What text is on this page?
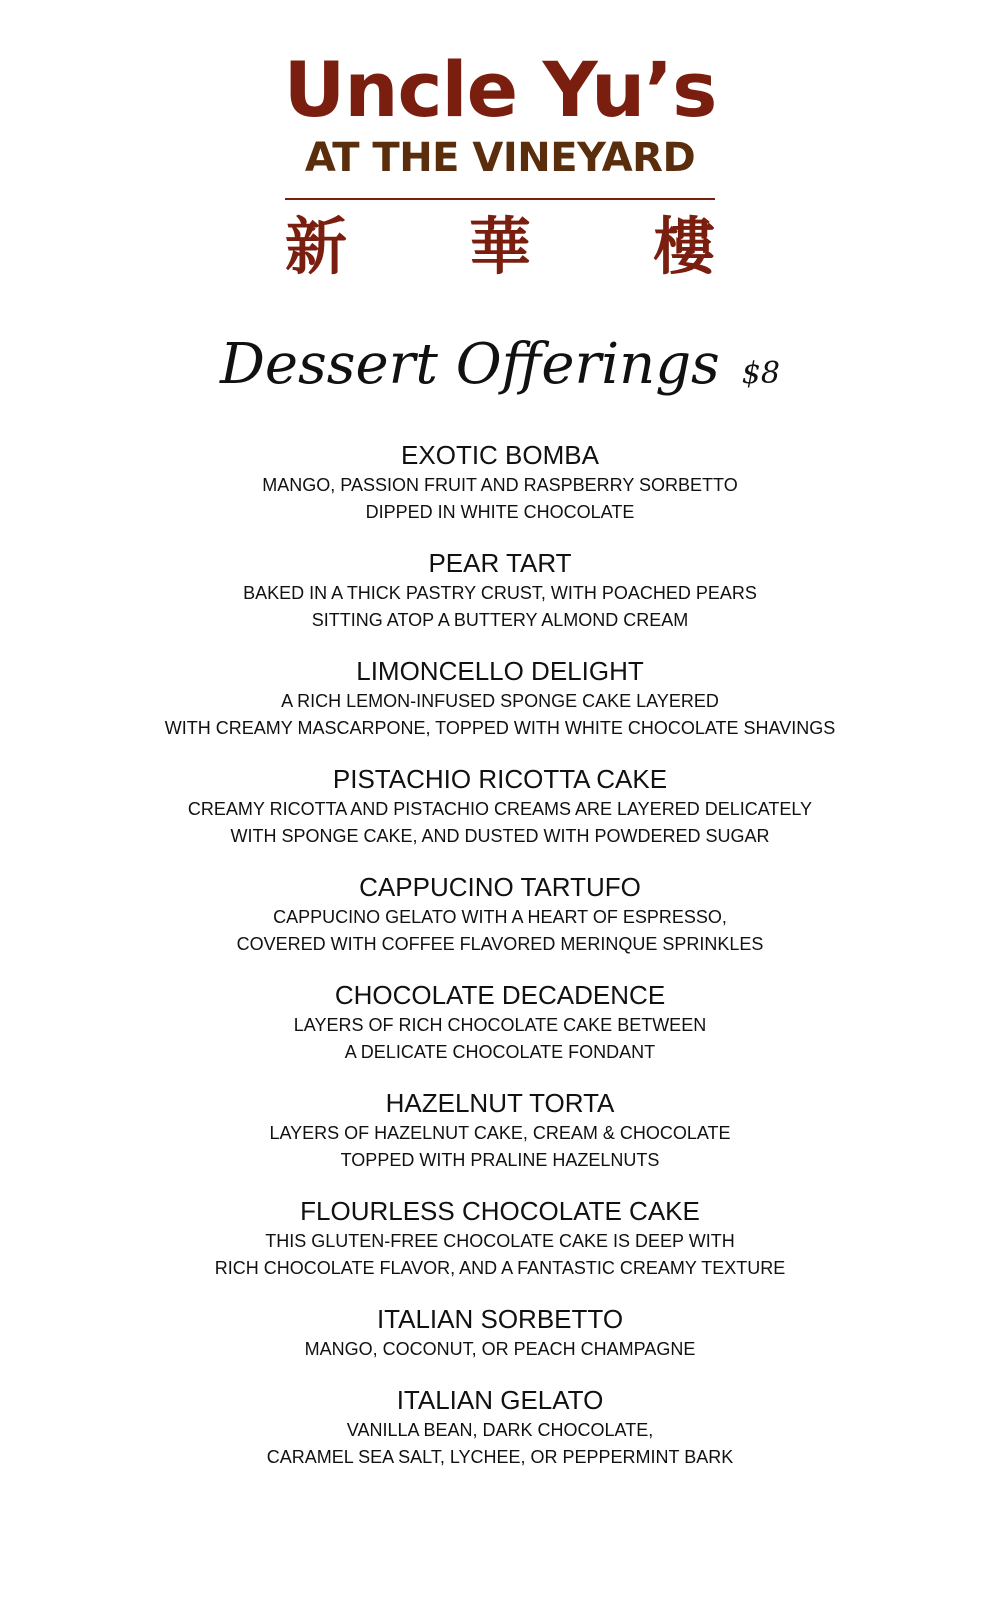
Uncle Yu’s
AT THE VINEYARD
新 華 樓
Dessert Offerings $8
EXOTIC BOMBA
MANGO, PASSION FRUIT AND RASPBERRY SORBETTO
DIPPED IN WHITE CHOCOLATE
PEAR TART
BAKED IN A THICK PASTRY CRUST, WITH POACHED PEARS
SITTING ATOP A BUTTERY ALMOND CREAM
LIMONCELLO DELIGHT
A RICH LEMON-INFUSED SPONGE CAKE LAYERED
WITH CREAMY MASCARPONE, TOPPED WITH WHITE CHOCOLATE SHAVINGS
PISTACHIO RICOTTA CAKE
CREAMY RICOTTA AND PISTACHIO CREAMS ARE LAYERED DELICATELY
WITH SPONGE CAKE, AND DUSTED WITH POWDERED SUGAR
CAPPUCINO TARTUFO
CAPPUCINO GELATO WITH A HEART OF ESPRESSO,
COVERED WITH COFFEE FLAVORED MERINQUE SPRINKLES
CHOCOLATE DECADENCE
LAYERS OF RICH CHOCOLATE CAKE BETWEEN
A DELICATE CHOCOLATE FONDANT
HAZELNUT TORTA
LAYERS OF HAZELNUT CAKE, CREAM & CHOCOLATE
TOPPED WITH PRALINE HAZELNUTS
FLOURLESS CHOCOLATE CAKE
THIS GLUTEN-FREE CHOCOLATE CAKE IS DEEP WITH
RICH CHOCOLATE FLAVOR, AND A FANTASTIC CREAMY TEXTURE
ITALIAN SORBETTO
MANGO, COCONUT, OR PEACH CHAMPAGNE
ITALIAN GELATO
VANILLA BEAN, DARK CHOCOLATE,
CARAMEL SEA SALT, LYCHEE, OR PEPPERMINT BARK
